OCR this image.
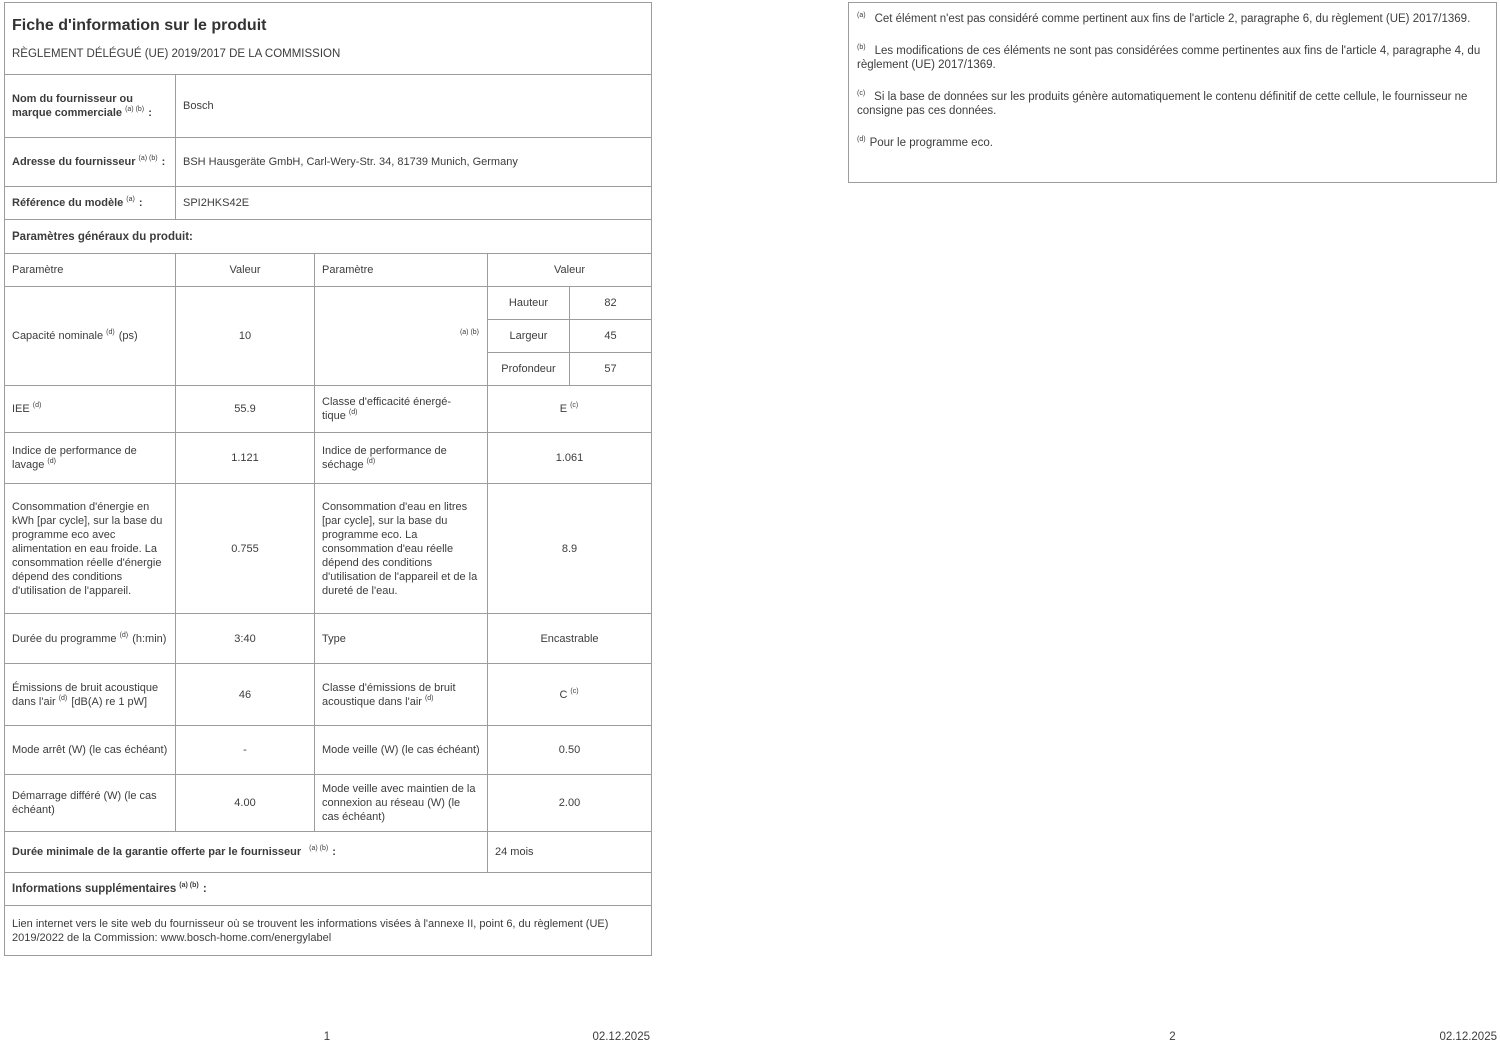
Fiche d'information sur le produit
RÈGLEMENT DÉLÉGUÉ (UE) 2019/2017 DE LA COMMISSION				

Nom du fournisseur ou marque commerciale $^{(a) (b)}$ :	Bosch			
Adresse du fournisseur $^{(a) (b)}$ :	BSH Hausgeräte GmbH, Carl-Wery-Str. 34, 81739 Munich, Germany			
Référence du modèle $^{(a)}$ :	SPI2HKS42E			
Paramètres généraux du produit:				
Paramètre	Valeur	Paramètre	Valeur	
Capacité nominale $^{(d)}$ (ps)	10	$^{(a) (b)}$	Hauteur	82
			Largeur	45
			Profondeur	57
IEE $^{(d)}$	55.9	Classe d'efficacité énergétique $^{(d)}$	E $^{(c)}$
Indice de performance de lavage $^{(d)}$	1.121	Indice de performance de séchage $^{(d)}$	1.061	
Consommation d'énergie en kWh [par cycle], sur la base du programme eco avec alimentation en eau froide. La consommation réelle d'énergie dépend des conditions d'utilisation de l'appareil.	0.755	Consommation d'eau en litres [par cycle], sur la base du programme eco. La consommation d'eau réelle dépend des conditions d'utilisation de l'appareil et de la dureté de l'eau.	8.9	
Durée du programme $^{(d)}$ (h:min)	3:40	Type	Encastrable	
Émissions de bruit acoustique dans l'air $^{(d)}$ [dB(A) re 1 pW]	46	Classe d'émissions de bruit acoustique dans l'air $^{(d)}$	C $^{(c)}$
Mode arrêt (W) (le cas échéant)	-	Mode veille (W) (le cas échéant)	0.50	
Démarrage différé (W) (le cas échéant)	4.00	Mode veille avec maintien de la connexion au réseau (W) (le cas échéant)	2.00	
Durée minimale de la garantie offerte par le fournisseur $^{(a) (b)}$ :			24 mois	
Informations supplémentaires $^{(a) (b)}$ :				
Lien internet vers le site web du fournisseur où se trouvent les informations visées à l'annexe II, point 6, du règlement (UE) 2019/2022 de la Commission: www.bosch-home.com/energylabel				

$^{(a)}$ Cet élément n'est pas considéré comme pertinent aux fins de l'article 2, paragraphe 6, du règlement (UE) 2017/1369.

$^{(b)}$ Les modifications de ces éléments ne sont pas considérées comme pertinentes aux fins de l'article 4, paragraphe 4, du règlement (UE) 2017/1369.

$^{(c)}$ Si la base de données sur les produits génère automatiquement le contenu définitif de cette cellule, le fournisseur ne consigne pas ces données.

$^{(d)}$ Pour le programme eco.

1	02.12.2025	2	02.12.2025
